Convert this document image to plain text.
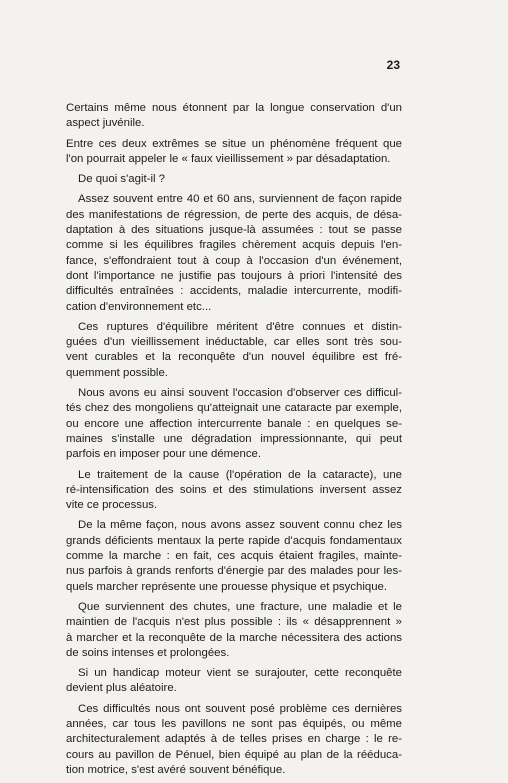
23
Certains même nous étonnent par la longue conservation d'un
aspect juvénile.
Entre ces deux extrêmes se situe un phénomène fréquent que
l'on pourrait appeler le « faux vieillissement » par désadaptation.
De quoi s'agit-il ?
Assez souvent entre 40 et 60 ans, surviennent de façon rapide
des manifestations de régression, de perte des acquis, de désa-
daptation à des situations jusque-là assumées : tout se passe
comme si les équilibres fragiles chèrement acquis depuis l'en-
fance, s'effondraient tout à coup à l'occasion d'un événement,
dont l'importance ne justifie pas toujours à priori l'intensité des
difficultés entraînées : accidents, maladie intercurrente, modifi-
cation d'environnement etc...
Ces ruptures d'équilibre méritent d'être connues et distin-
guées d'un vieillissement inéductable, car elles sont très sou-
vent curables et la reconquête d'un nouvel équilibre est fré-
quemment possible.
Nous avons eu ainsi souvent l'occasion d'observer ces difficul-
tés chez des mongoliens qu'atteignait une cataracte par exemple,
ou encore une affection intercurrente banale : en quelques se-
maines s'installe une dégradation impressionnante, qui peut
parfois en imposer pour une démence.
Le traitement de la cause (l'opération de la cataracte), une
ré-intensification des soins et des stimulations inversent assez
vite ce processus.
De la même façon, nous avons assez souvent connu chez les
grands déficients mentaux la perte rapide d'acquis fondamentaux
comme la marche : en fait, ces acquis étaient fragiles, mainte-
nus parfois à grands renforts d'énergie par des malades pour les-
quels marcher représente une prouesse physique et psychique.
Que surviennent des chutes, une fracture, une maladie et le
maintien de l'acquis n'est plus possible : ils « désapprennent »
à marcher et la reconquête de la marche nécessitera des actions
de soins intenses et prolongées.
Si un handicap moteur vient se surajouter, cette reconquête
devient plus aléatoire.
Ces difficultés nous ont souvent posé problème ces dernières
années, car tous les pavillons ne sont pas équipés, ou même
architecturalement adaptés à de telles prises en charge : le re-
cours au pavillon de Pénuel, bien équipé au plan de la rééduca-
tion motrice, s'est avéré souvent bénéfique.
